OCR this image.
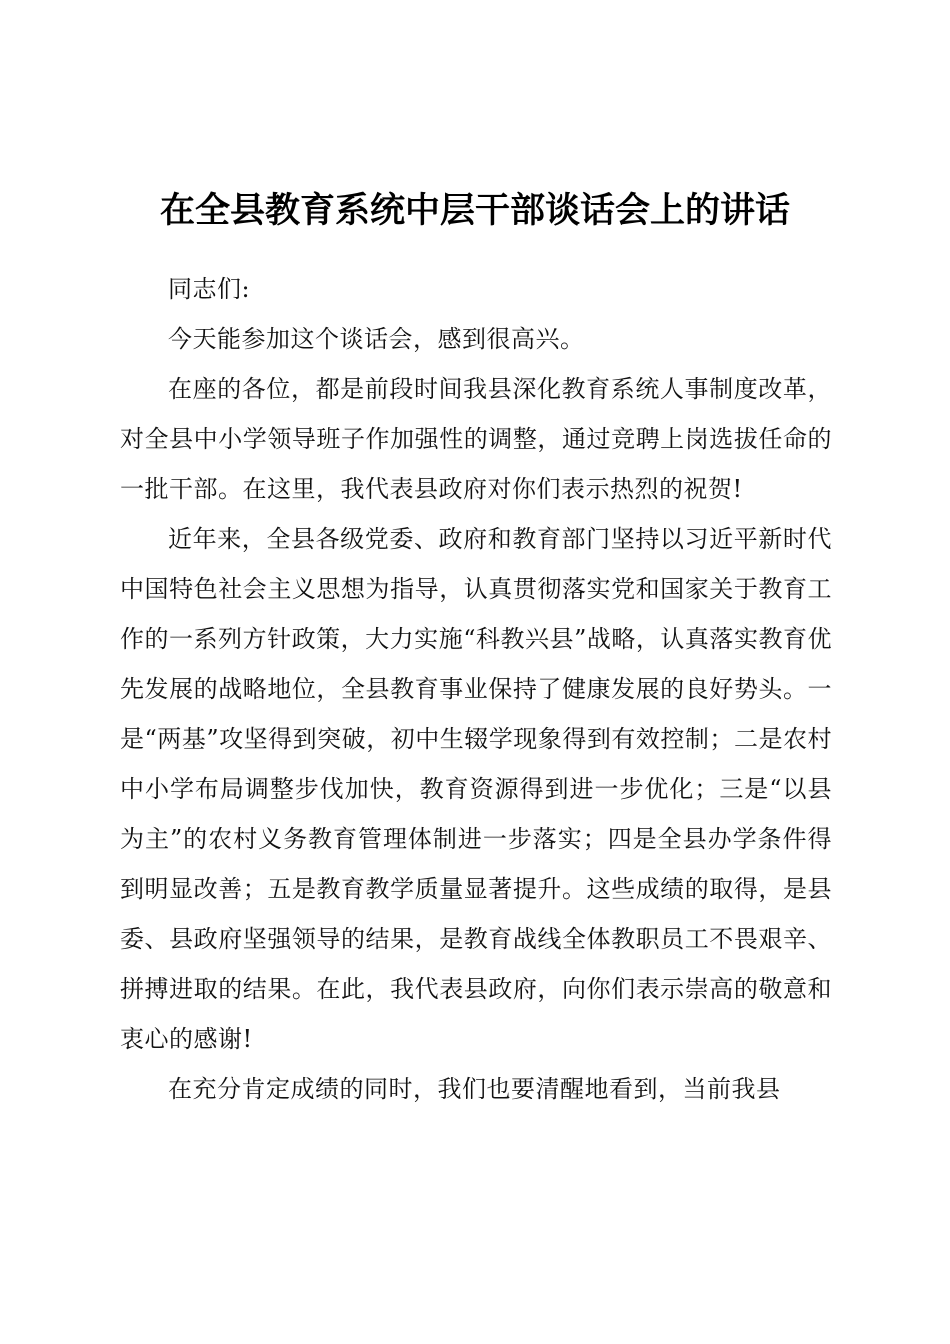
在全县教育系统中层干部谈话会上的讲话

同志们:

今天能参加这个谈话会，感到很高兴。

在座的各位，都是前段时间我县深化教育系统人事制度改革，对全县中小学领导班子作加强性的调整，通过竞聘上岗选拔任命的一批干部。在这里，我代表县政府对你们表示热烈的祝贺!

近年来，全县各级党委、政府和教育部门坚持以习近平新时代中国特色社会主义思想为指导，认真贯彻落实党和国家关于教育工作的一系列方针政策，大力实施“科教兴县”战略，认真落实教育优先发展的战略地位，全县教育事业保持了健康发展的良好势头。一是“两基”攻坚得到突破，初中生辍学现象得到有效控制；二是农村中小学布局调整步伐加快，教育资源得到进一步优化；三是“以县为主”的农村义务教育管理体制进一步落实；四是全县办学条件得到明显改善；五是教育教学质量显著提升。这些成绩的取得，是县委、县政府坚强领导的结果，是教育战线全体教职员工不畏艰辛、拼搏进取的结果。在此，我代表县政府，向你们表示崇高的敬意和衷心的感谢!

在充分肯定成绩的同时，我们也要清醒地看到，当前我县
